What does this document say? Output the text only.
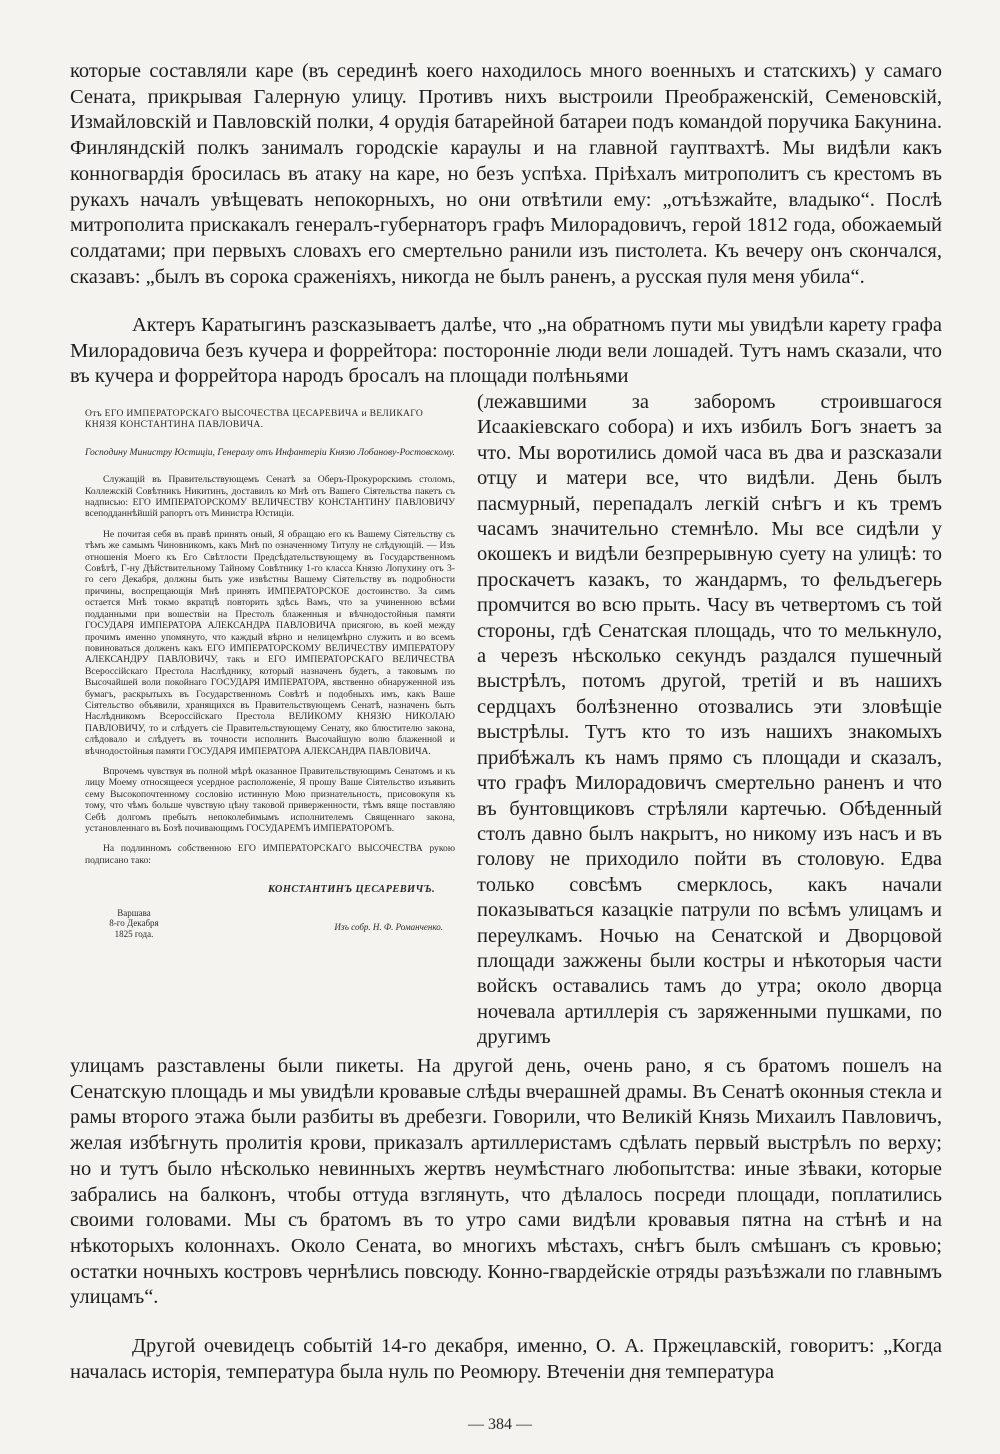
которые составляли каре (въ серединѣ коего находилось много военныхъ и статскихъ) у самаго Сената, прикрывая Галерную улицу. Противъ нихъ выстроили Преображенскій, Семеновскій, Измайловскій и Павловскій полки, 4 орудія батарейной батареи подъ командой поручика Бакунина. Финляндскій полкъ занималъ городскіе караулы и на главной гауптвахтѣ. Мы видѣли какъ конногвардія бросилась въ атаку на каре, но безъ успѣха. Пріѣхалъ митрополитъ съ крестомъ въ рукахъ началъ увѣщевать непокорныхъ, но они отвѣтили ему: „отъѣзжайте, владыко“. Послѣ митрополита прискакалъ генералъ-губернаторъ графъ Милорадовичъ, герой 1812 года, обожаемый солдатами; при первыхъ словахъ его смертельно ранили изъ пистолета. Къ вечеру онъ скончался, сказавъ: „былъ въ сорока сраженіяхъ, никогда не былъ раненъ, а русская пуля меня убила“.

Актеръ Каратыгинъ разсказываетъ далѣе, что „на обратномъ пути мы увидѣли карету графа Милорадовича безъ кучера и форрейтора: посторонніе люди вели лошадей. Тутъ намъ сказали, что въ кучера и форрейтора народъ бросалъ на площади полѣньями

Отъ ЕГО ИМПЕРАТОРСКАГО ВЫСОЧЕСТВА ЦЕСАРЕВИЧА и ВЕЛИКАГО КНЯЗЯ КОНСТАНТИНА ПАВЛОВИЧА.

Господину Министру Юстиціи, Генералу отъ Инфантеріи Князю Лобанову-Ростовскому.

Служащій въ Правительствующемъ Сенатѣ за Оберъ-Прокурорскимъ столомъ, Коллежскій Совѣтникъ Никитинъ, доставилъ ко Мнѣ отъ Вашего Сіятельства пакетъ съ надписью: ЕГО ИМПЕРАТОРСКОМУ ВЕЛИЧЕСТВУ КОНСТАНТИНУ ПАВЛОВИЧУ всеподданнѣйшій рапортъ отъ Министра Юстиціи.

Не почитая себя въ правѣ принять оный, Я обращаю его къ Вашему Сіятельству съ тѣмъ же самымъ Чиновникомъ, какъ Мнѣ по означенному Титулу не слѣдующій. — Изъ отношенія Моего къ Его Свѣтлости Предсѣдательствующему въ Государственномъ Совѣтѣ, Г-ну Дѣйствительному Тайному Совѣтнику 1-го класса Князю Лопухину отъ 3-го сего Декабря, должны быть уже извѣстны Вашему Сіятельству въ подробности причины, воспрещающія Мнѣ принять ИМПЕРАТОРСКОЕ достоинство. За симъ остается Мнѣ токмо вкратцѣ повторить здѣсь Вамъ, что за учиненною всѣми подданными при вошествіи на Престолъ блаженныя и вѣчнодостойныя памяти ГОСУДАРЯ ИМПЕРАТОРА АЛЕКСАНДРА ПАВЛОВИЧА присягою, въ коей между прочимъ именно упомянуто, что каждый вѣрно и нелицемѣрно служить и во всемъ повиноваться долженъ какъ ЕГО ИМПЕРАТОРСКОМУ ВЕЛИЧЕСТВУ ИМПЕРАТОРУ АЛЕКСАНДРУ ПАВЛОВИЧУ, такъ и ЕГО ИМПЕРАТОРСКАГО ВЕЛИЧЕСТВА Всероссійскаго Престола Наслѣднику, который назначенъ будетъ, а таковымъ по Высочайшей воли покойнаго ГОСУДАРЯ ИМПЕРАТОРА, явственно обнаруженной изъ бумагъ, раскрытыхъ въ Государственномъ Совѣтѣ и подобныхъ имъ, какъ Ваше Сіятельство объявили, хранящихся въ Правительствующемъ Сенатѣ, назначенъ быть Наслѣдникомъ Всероссійскаго Престола ВЕЛИКОМУ КНЯЗЮ НИКОЛАЮ ПАВЛОВИЧУ, то и слѣдуетъ сіе Правительствующему Сенату, яко блюстителю закона, слѣдовало и слѣдуетъ въ точности исполнить Высочайшую волю блаженной и вѣчнодостойныя памяти ГОСУДАРЯ ИМПЕРАТОРА АЛЕКСАНДРА ПАВЛОВИЧА.

Впрочемъ чувствуя въ полной мѣрѣ оказанное Правительствующимъ Сенатомъ и къ лицу Моему относящееся усердное расположеніе, Я прошу Ваше Сіятельство изъявить сему Высокопочтенному сословію истинную Мою признательность, присовокупя къ тому, что чѣмъ больше чувствую цѣну таковой приверженности, тѣмъ вяще поставляю Себѣ долгомъ пребыть непоколебимымъ исполнителемъ Священнаго закона, установленнаго въ Бозѣ почивающимъ ГОСУДАРЕМЪ ИМПЕРАТОРОМЪ.

На подлинномъ собственною ЕГО ИМПЕРАТОРСКАГО ВЫСОЧЕСТВА рукою подписано тако:

КОНСТАНТИНЪ ЦЕСАРЕВИЧЪ.

Варшава
8-го Декабря
1825 года.
Изъ собр. Н. Ф. Романченко.

(лежавшими за заборомъ строившагося Исаакіевскаго собора) и ихъ избилъ Богъ знаетъ за что. Мы воротились домой часа въ два и разсказали отцу и матери все, что видѣли. День былъ пасмурный, перепадалъ легкій снѣгъ и къ тремъ часамъ значительно стемнѣло. Мы все сидѣли у окошекъ и видѣли безпрерывную суету на улицѣ: то проскачетъ казакъ, то жандармъ, то фельдъегерь промчится во всю прыть. Часу въ четвертомъ съ той стороны, гдѣ Сенатская площадь, что то мелькнуло, а черезъ нѣсколько секундъ раздался пушечный выстрѣлъ, потомъ другой, третій и въ нашихъ сердцахъ болѣзненно отозвались эти зловѣщіе выстрѣлы. Тутъ кто то изъ нашихъ знакомыхъ прибѣжалъ къ намъ прямо съ площади и сказалъ, что графъ Милорадовичъ смертельно раненъ и что въ бунтовщиковъ стрѣляли картечью. Обѣденный столъ давно былъ накрытъ, но никому изъ насъ и въ голову не приходило пойти въ столовую. Едва только совсѣмъ смерклось, какъ начали показываться казацкіе патрули по всѣмъ улицамъ и переулкамъ. Ночью на Сенатской и Дворцовой площади зажжены были костры и нѣкоторыя части войскъ оставались тамъ до утра; около дворца ночевала артиллерія съ заряженными пушками, по другимъ

улицамъ разставлены были пикеты. На другой день, очень рано, я съ братомъ пошелъ на Сенатскую площадь и мы увидѣли кровавые слѣды вчерашней драмы. Въ Сенатѣ оконныя стекла и рамы второго этажа были разбиты въ дребезги. Говорили, что Великій Князь Михаилъ Павловичъ, желая избѣгнуть пролитія крови, приказалъ артиллеристамъ сдѣлать первый выстрѣлъ по верху; но и тутъ было нѣсколько невинныхъ жертвъ неумѣстнаго любопытства: иные зѣваки, которые забрались на балконъ, чтобы оттуда взглянуть, что дѣлалось посреди площади, поплатились своими головами. Мы съ братомъ въ то утро сами видѣли кровавыя пятна на стѣнѣ и на нѣкоторыхъ колоннахъ. Около Сената, во многихъ мѣстахъ, снѣгъ былъ смѣшанъ съ кровью; остатки ночныхъ костровъ чернѣлись повсюду. Конно-гвардейскіе отряды разъѣзжали по главнымъ улицамъ“.

Другой очевидецъ событій 14-го декабря, именно, О. А. Пржецлавскій, говоритъ: „Когда началась исторія, температура была нуль по Реомюру. Втеченіи дня температура

— 384 —
